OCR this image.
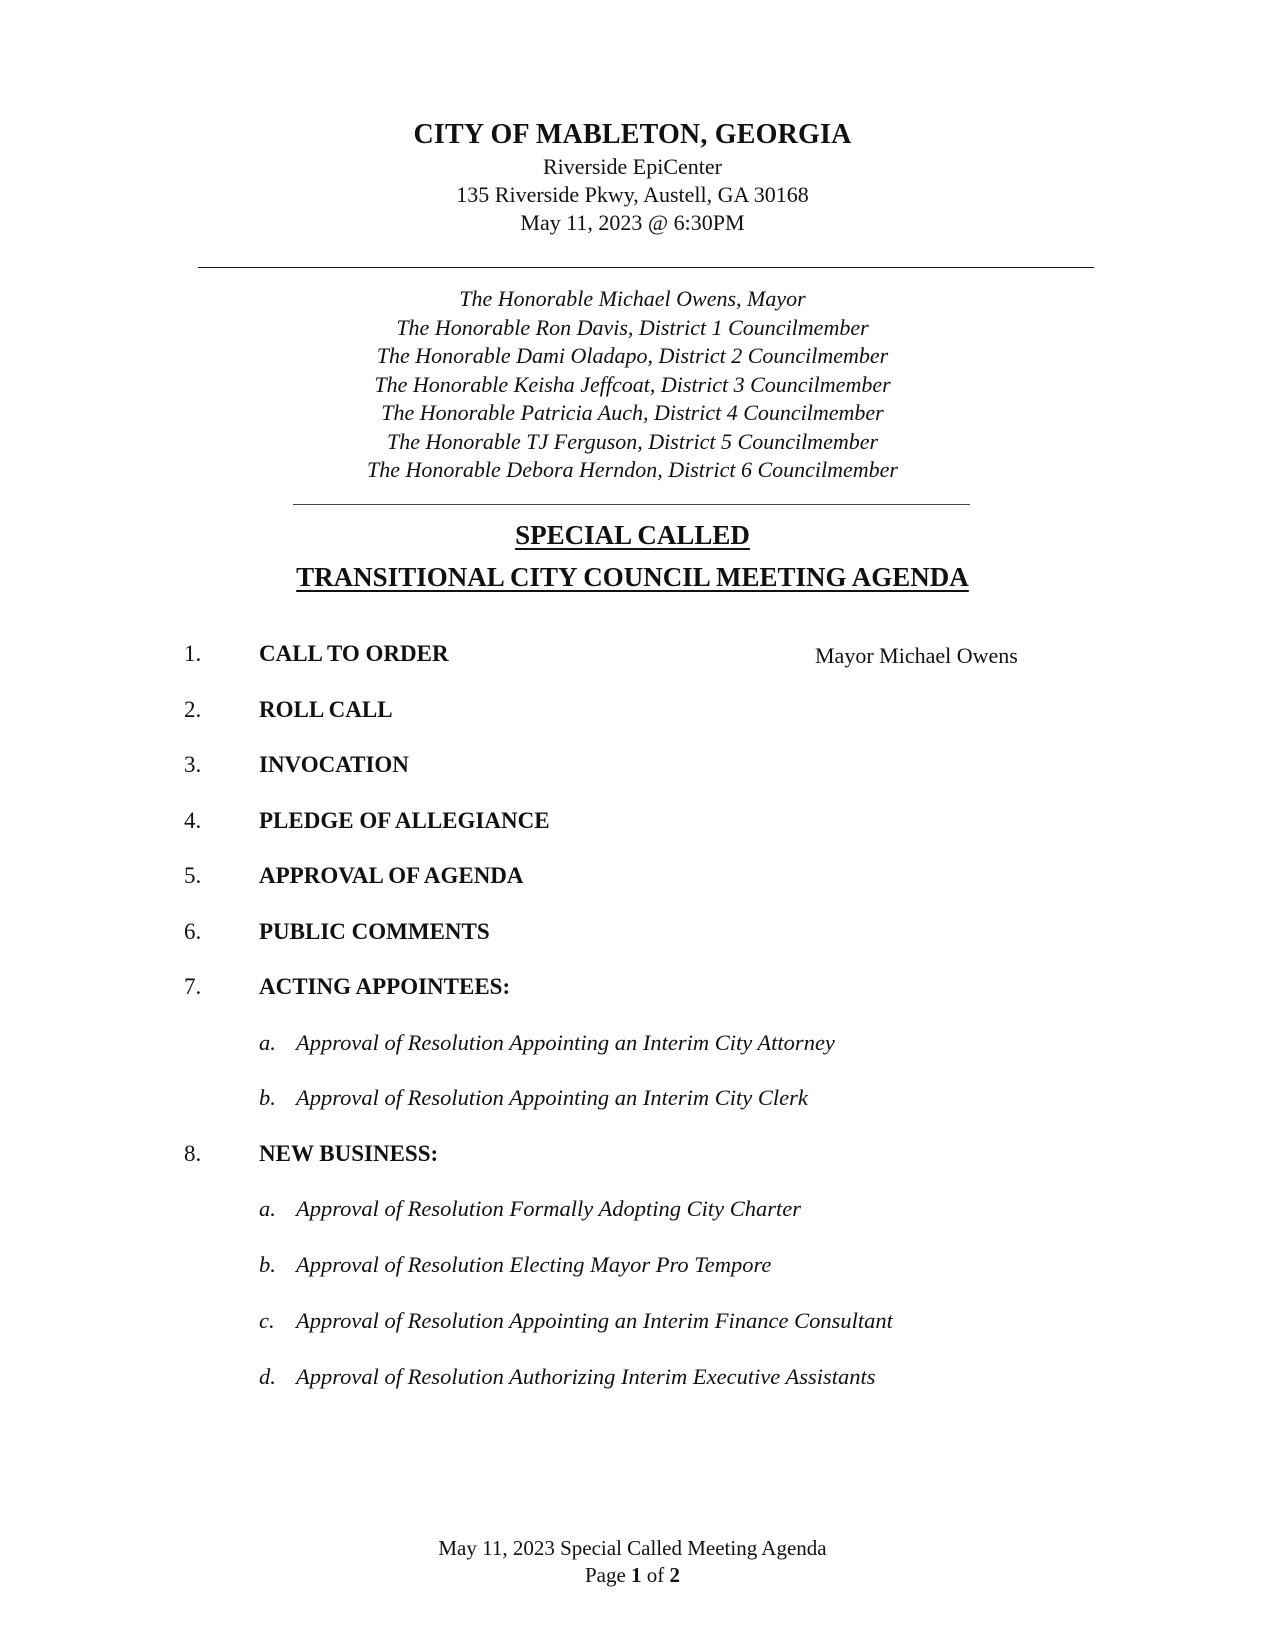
CITY OF MABLETON, GEORGIA
Riverside EpiCenter
135 Riverside Pkwy, Austell, GA 30168
May 11, 2023 @ 6:30PM
The Honorable Michael Owens, Mayor
The Honorable Ron Davis, District 1 Councilmember
The Honorable Dami Oladapo, District 2 Councilmember
The Honorable Keisha Jeffcoat, District 3 Councilmember
The Honorable Patricia Auch, District 4 Councilmember
The Honorable TJ Ferguson, District 5 Councilmember
The Honorable Debora Herndon, District 6 Councilmember
SPECIAL CALLED
TRANSITIONAL CITY COUNCIL MEETING AGENDA
1.	CALL TO ORDER	Mayor Michael Owens
2.	ROLL CALL
3.	INVOCATION
4.	PLEDGE OF ALLEGIANCE
5.	APPROVAL OF AGENDA
6.	PUBLIC COMMENTS
7.	ACTING APPOINTEES:
a. Approval of Resolution Appointing an Interim City Attorney
b. Approval of Resolution Appointing an Interim City Clerk
8.	NEW BUSINESS:
a. Approval of Resolution Formally Adopting City Charter
b. Approval of Resolution Electing Mayor Pro Tempore
c. Approval of Resolution Appointing an Interim Finance Consultant
d. Approval of Resolution Authorizing Interim Executive Assistants
May 11, 2023 Special Called Meeting Agenda
Page 1 of 2
